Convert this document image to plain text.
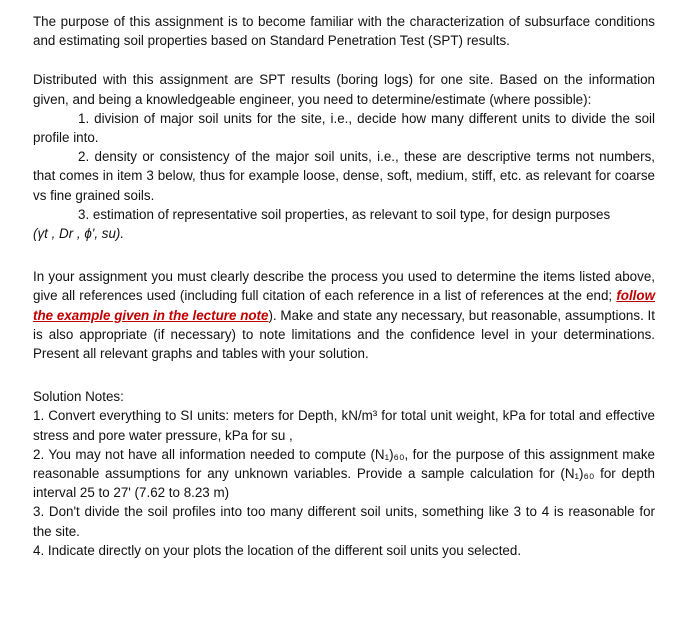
The purpose of this assignment is to become familiar with the characterization of subsurface conditions and estimating soil properties based on Standard Penetration Test (SPT) results.

Distributed with this assignment are SPT results (boring logs) for one site. Based on the information given, and being a knowledgeable engineer, you need to determine/estimate (where possible):

1. division of major soil units for the site, i.e., decide how many different units to divide the soil profile into.

2. density or consistency of the major soil units, i.e., these are descriptive terms not numbers, that comes in item 3 below, thus for example loose, dense, soft, medium, stiff, etc. as relevant for coarse vs fine grained soils.

3. estimation of representative soil properties, as relevant to soil type, for design purposes
(γt , Dr , ϕ', su).

In your assignment you must clearly describe the process you used to determine the items listed above, give all references used (including full citation of each reference in a list of references at the end; follow the example given in the lecture note). Make and state any necessary, but reasonable, assumptions. It is also appropriate (if necessary) to note limitations and the confidence level in your determinations. Present all relevant graphs and tables with your solution.

Solution Notes:

1. Convert everything to SI units: meters for Depth, kN/m³ for total unit weight, kPa for total and effective stress and pore water pressure, kPa for su ,

2. You may not have all information needed to compute (N₁)₆₀, for the purpose of this assignment make reasonable assumptions for any unknown variables. Provide a sample calculation for (N₁)₆₀ for depth interval 25 to 27' (7.62 to 8.23 m)

3. Don't divide the soil profiles into too many different soil units, something like 3 to 4 is reasonable for the site.

4. Indicate directly on your plots the location of the different soil units you selected.
